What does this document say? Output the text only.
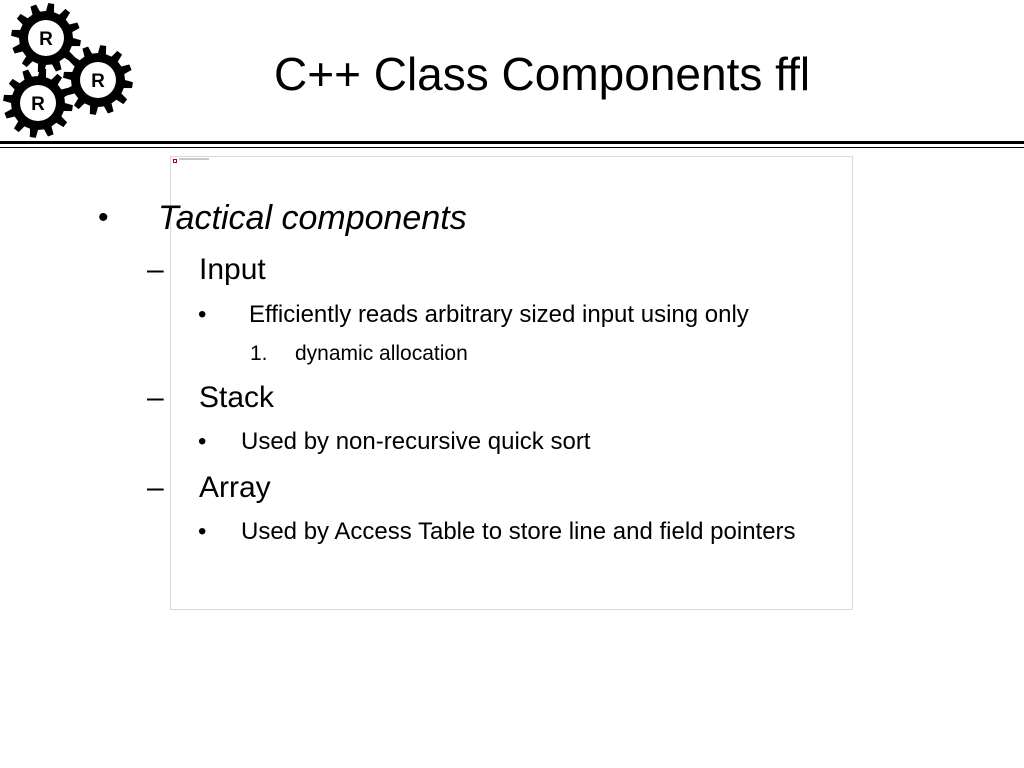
R
R
R
C++ Class Components ffl
• Tactical components
– Input
• Efficiently reads arbitrary sized input using only
1. dynamic allocation
– Stack
• Used by non-recursive quick sort
– Array
• Used by Access Table to store line and field pointers
